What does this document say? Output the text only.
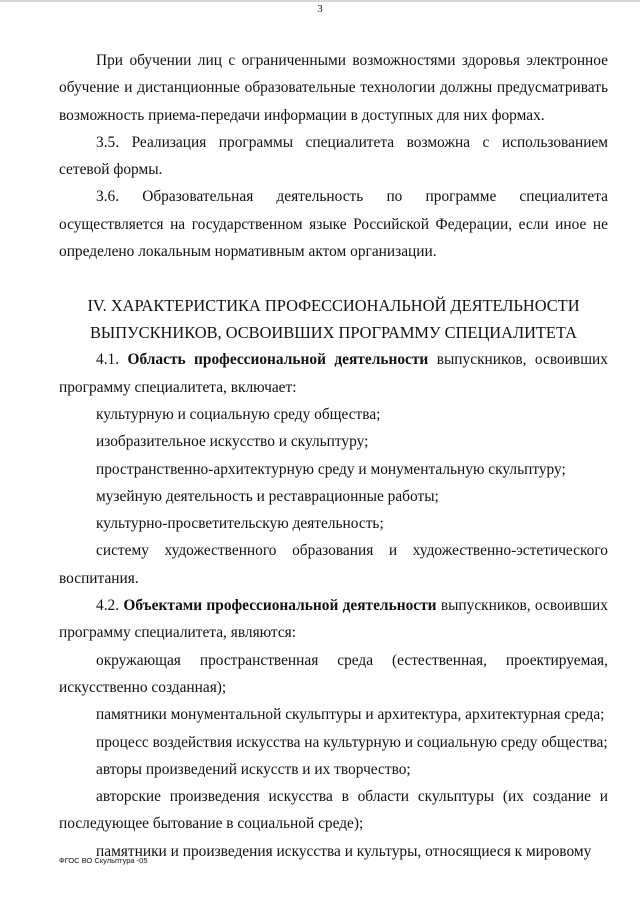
3

При обучении лиц с ограниченными возможностями здоровья электронное обучение и дистанционные образовательные технологии должны предусматривать возможность приема-передачи информации в доступных для них формах.

3.5. Реализация программы специалитета возможна с использованием сетевой формы.

3.6. Образовательная деятельность по программе специалитета осуществляется на государственном языке Российской Федерации, если иное не определено локальным нормативным актом организации.

IV. ХАРАКТЕРИСТИКА ПРОФЕССИОНАЛЬНОЙ ДЕЯТЕЛЬНОСТИ

ВЫПУСКНИКОВ, ОСВОИВШИХ ПРОГРАММУ СПЕЦИАЛИТЕТА

4.1. Область профессиональной деятельности выпускников, освоивших программу специалитета, включает:

культурную и социальную среду общества;

изобразительное искусство и скульптуру;

пространственно-архитектурную среду и монументальную скульптуру;

музейную деятельность и реставрационные работы;

культурно-просветительскую деятельность;

систему художественного образования и художественно-эстетического воспитания.

4.2. Объектами профессиональной деятельности выпускников, освоивших программу специалитета, являются:

окружающая пространственная среда (естественная, проектируемая, искусственно созданная);

памятники монументальной скульптуры и архитектура, архитектурная среда;

процесс воздействия искусства на культурную и социальную среду общества;

авторы произведений искусств и их творчество;

авторские произведения искусства в области скульптуры (их создание и последующее бытование в социальной среде);

памятники и произведения искусства и культуры, относящиеся к мировому

ФГОС ВО Скульптура -05
